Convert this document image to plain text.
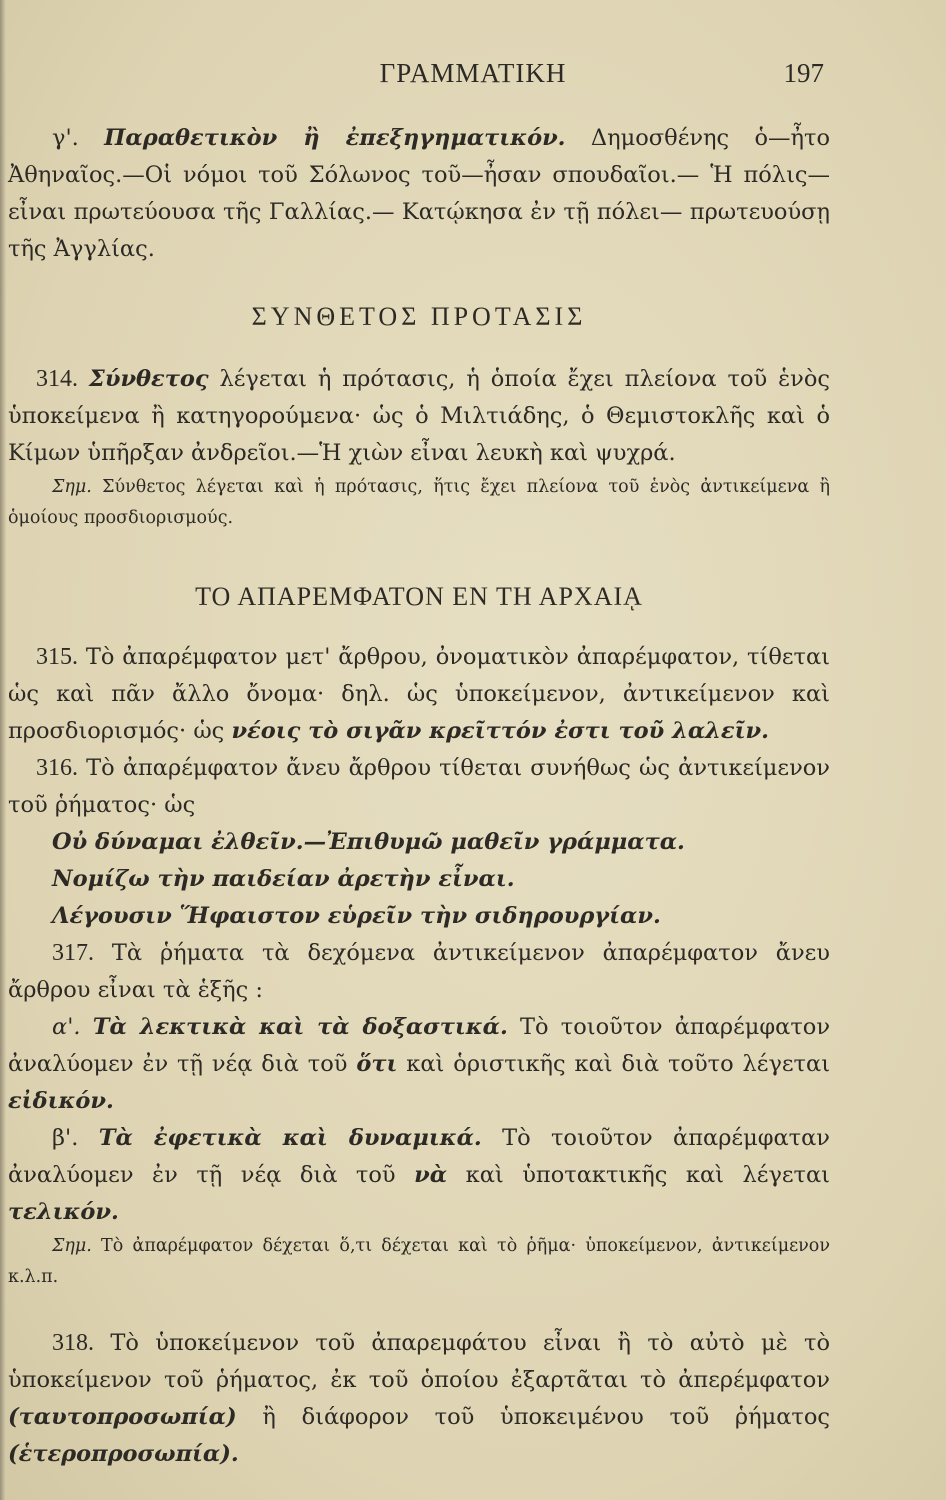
ΓΡΑΜΜΑΤΙΚΗ	197

γ'. Παραθετικὸν ἢ ἐπεξηγηματικόν. Δημοσθένης ὁ—ἦτο Ἀθηναῖος.—Οἱ νόμοι τοῦ Σόλωνος τοῦ—ἦσαν σπουδαῖοι.— Ἡ πόλις— εἶναι πρωτεύουσα τῆς Γαλλίας.— Κατῴκησα ἐν τῇ πόλει— πρωτευούσῃ τῆς Ἀγγλίας.

ΣΥΝΘΕΤΟΣ ΠΡΟΤΑΣΙΣ

314. Σύνθετος λέγεται ἡ πρότασις, ἡ ὁποία ἔχει πλείονα τοῦ ἑνὸς ὑποκείμενα ἢ κατηγορούμενα· ὡς ὁ Μιλτιάδης, ὁ Θεμιστοκλῆς καὶ ὁ Κίμων ὑπῆρξαν ἀνδρεῖοι.—Ἡ χιὼν εἶναι λευκὴ καὶ ψυχρά.

Σημ. Σύνθετος λέγεται καὶ ἡ πρότασις, ἥτις ἔχει πλείονα τοῦ ἑνὸς ἀντικείμενα ἢ ὁμοίους προσδιορισμούς.

ΤΟ ΑΠΑΡΕΜΦΑΤΟΝ ΕΝ ΤΗ ΑΡΧΑΙᾼ

315. Τὸ ἀπαρέμφατον μετ' ἄρθρου, ὀνοματικὸν ἀπαρέμφατον, τίθεται ὡς καὶ πᾶν ἄλλο ὄνομα· δηλ. ὡς ὑποκείμενον, ἀντικείμενον καὶ προσδιορισμός· ὡς νέοις τὸ σιγᾶν κρεῖττόν ἐστι τοῦ λαλεῖν.

316. Τὸ ἀπαρέμφατον ἄνευ ἄρθρου τίθεται συνήθως ὡς ἀντικείμενον τοῦ ῥήματος· ὡς

Οὐ δύναμαι ἐλθεῖν.—Ἐπιθυμῶ μαθεῖν γράμματα.

Νομίζω τὴν παιδείαν ἀρετὴν εἶναι.

Λέγουσιν Ἥφαιστον εὑρεῖν τὴν σιδηρουργίαν.

317. Τὰ ῥήματα τὰ δεχόμενα ἀντικείμενον ἀπαρέμφατον ἄνευ ἄρθρου εἶναι τὰ ἑξῆς :

α'. Τὰ λεκτικὰ καὶ τὰ δοξαστικά. Τὸ τοιοῦτον ἀπαρέμφατον ἀναλύομεν ἐν τῇ νέᾳ διὰ τοῦ ὅτι καὶ ὁριστικῆς καὶ διὰ τοῦτο λέγεται εἰδικόν.

β'. Τὰ ἐφετικὰ καὶ δυναμικά. Τὸ τοιοῦτον ἀπαρέμφαταν ἀναλύομεν ἐν τῇ νέᾳ διὰ τοῦ νὰ καὶ ὑποτακτικῆς καὶ λέγεται τελικόν.

Σημ. Τὸ ἀπαρέμφατον δέχεται ὅ,τι δέχεται καὶ τὸ ῥῆμα· ὑποκείμενον, ἀντικείμενον κ.λ.π.

318. Τὸ ὑποκείμενον τοῦ ἀπαρεμφάτου εἶναι ἢ τὸ αὐτὸ μὲ τὸ ὑποκείμενον τοῦ ῥήματος, ἐκ τοῦ ὁποίου ἐξαρτᾶται τὸ ἀπερέμφατον (ταυτοπροσωπία) ἢ διάφορον τοῦ ὑποκειμένου τοῦ ῥήματος (ἑτεροπροσωπία).
